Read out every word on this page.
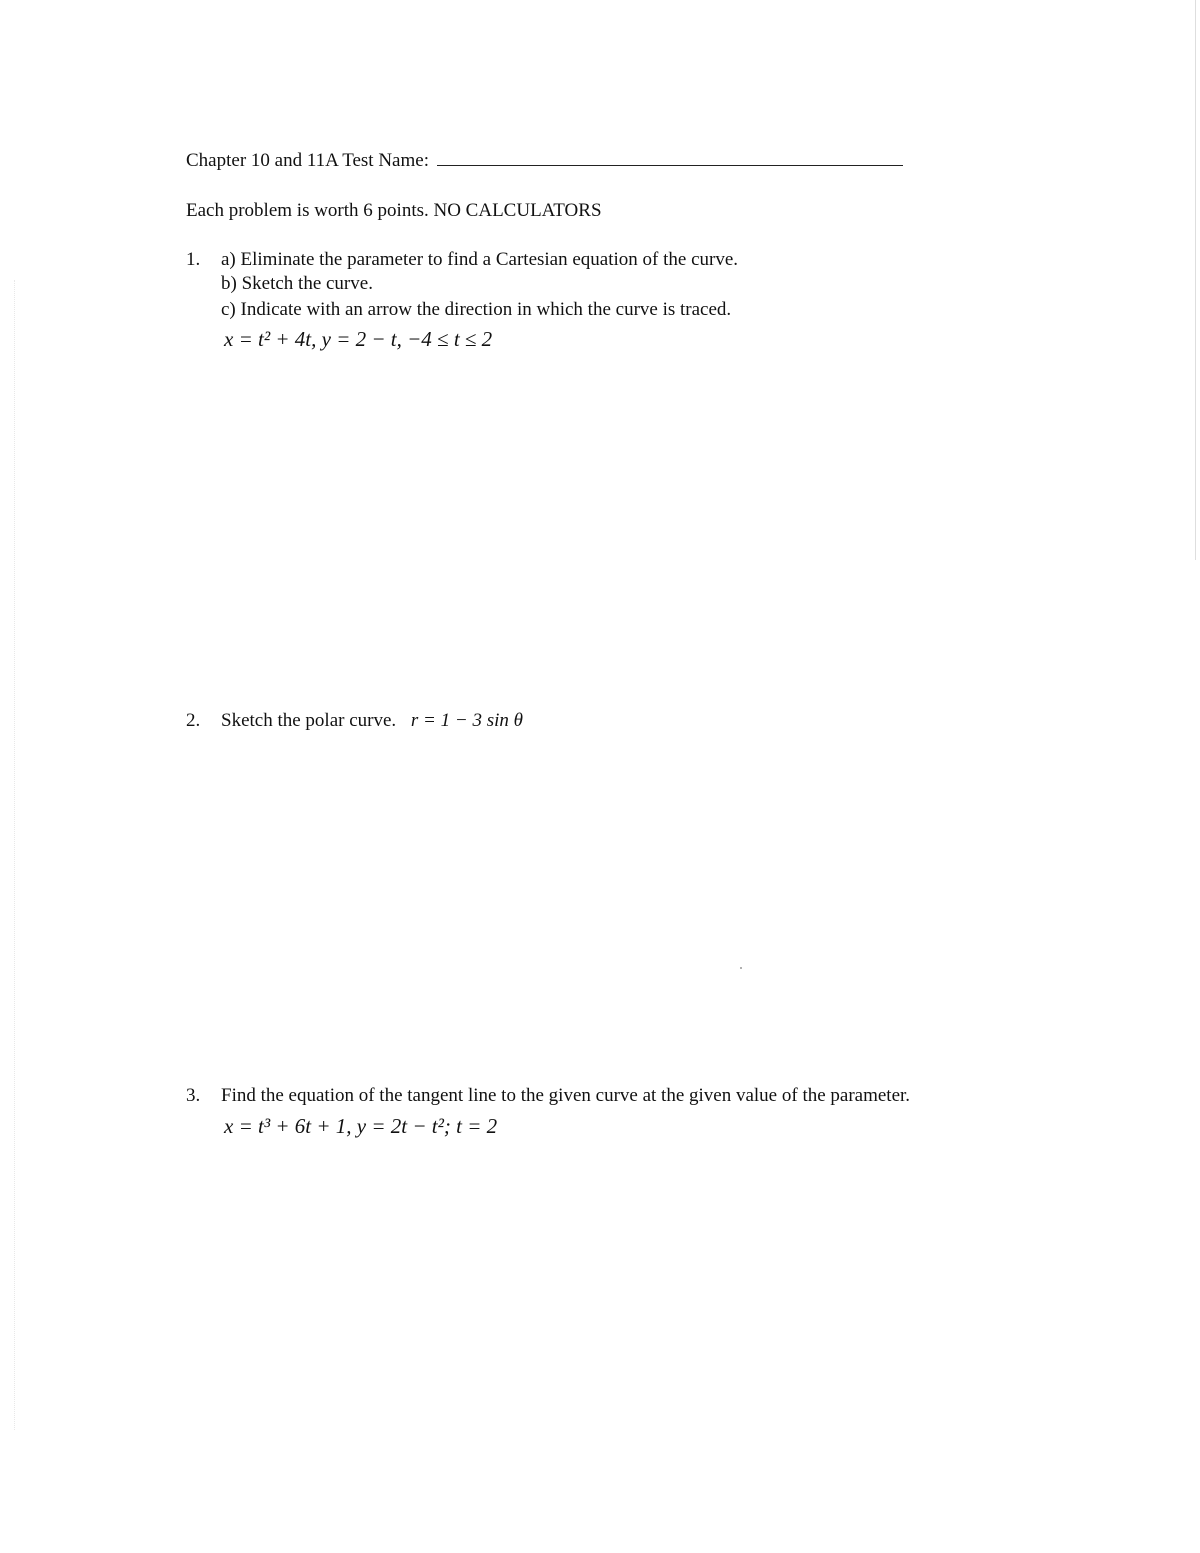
Chapter 10 and 11A Test Name:
Each problem is worth 6 points. NO CALCULATORS
1. a) Eliminate the parameter to find a Cartesian equation of the curve.
b) Sketch the curve.
c) Indicate with an arrow the direction in which the curve is traced.
x = t² + 4t, y = 2 − t, −4 ≤ t ≤ 2
2. Sketch the polar curve. r = 1 − 3 sin θ
3. Find the equation of the tangent line to the given curve at the given value of the parameter.
x = t³ + 6t + 1, y = 2t − t²; t = 2
